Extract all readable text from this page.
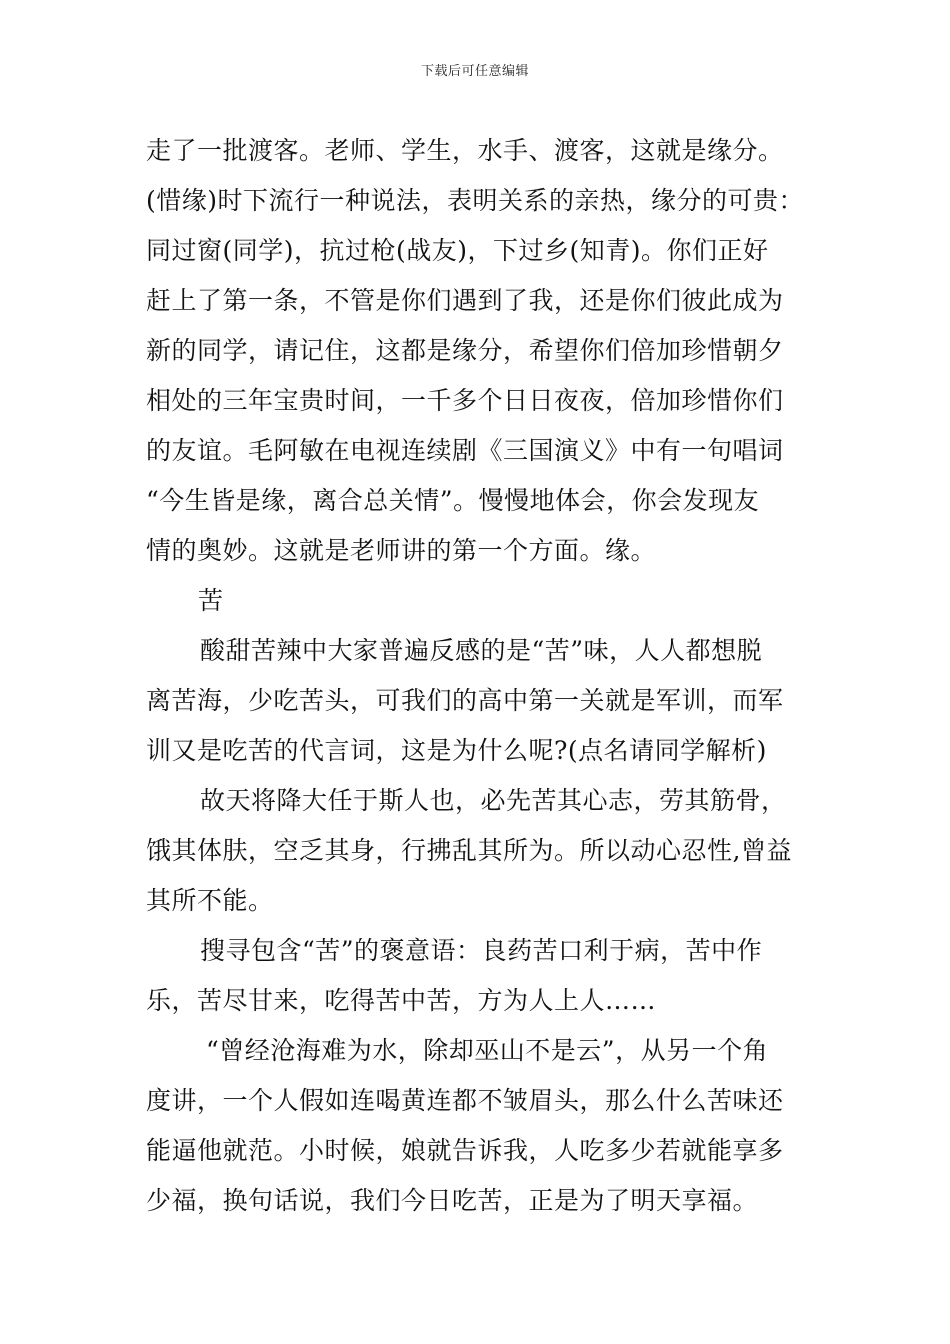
下载后可任意编辑
走了一批渡客。老师、学生，水手、渡客，这就是缘分。
(惜缘)时下流行一种说法，表明关系的亲热，缘分的可贵：
同过窗(同学)，抗过枪(战友)，下过乡(知青)。你们正好
赶上了第一条，不管是你们遇到了我，还是你们彼此成为
新的同学，请记住，这都是缘分，希望你们倍加珍惜朝夕
相处的三年宝贵时间，一千多个日日夜夜，倍加珍惜你们
的友谊。毛阿敏在电视连续剧《三国演义》中有一句唱词
“今生皆是缘，离合总关情”。慢慢地体会，你会发现友
情的奥妙。这就是老师讲的第一个方面。缘。
苦
酸甜苦辣中大家普遍反感的是“苦”味，人人都想脱
离苦海，少吃苦头，可我们的高中第一关就是军训，而军
训又是吃苦的代言词，这是为什么呢?(点名请同学解析)
故天将降大任于斯人也，必先苦其心志，劳其筋骨，
饿其体肤，空乏其身，行拂乱其所为。所以动心忍性,曾益
其所不能。
搜寻包含“苦”的褒意语：良药苦口利于病，苦中作
乐，苦尽甘来，吃得苦中苦，方为人上人……
“曾经沧海难为水，除却巫山不是云”，从另一个角
度讲，一个人假如连喝黄连都不皱眉头，那么什么苦味还
能逼他就范。小时候，娘就告诉我，人吃多少若就能享多
少福，换句话说，我们今日吃苦，正是为了明天享福。
